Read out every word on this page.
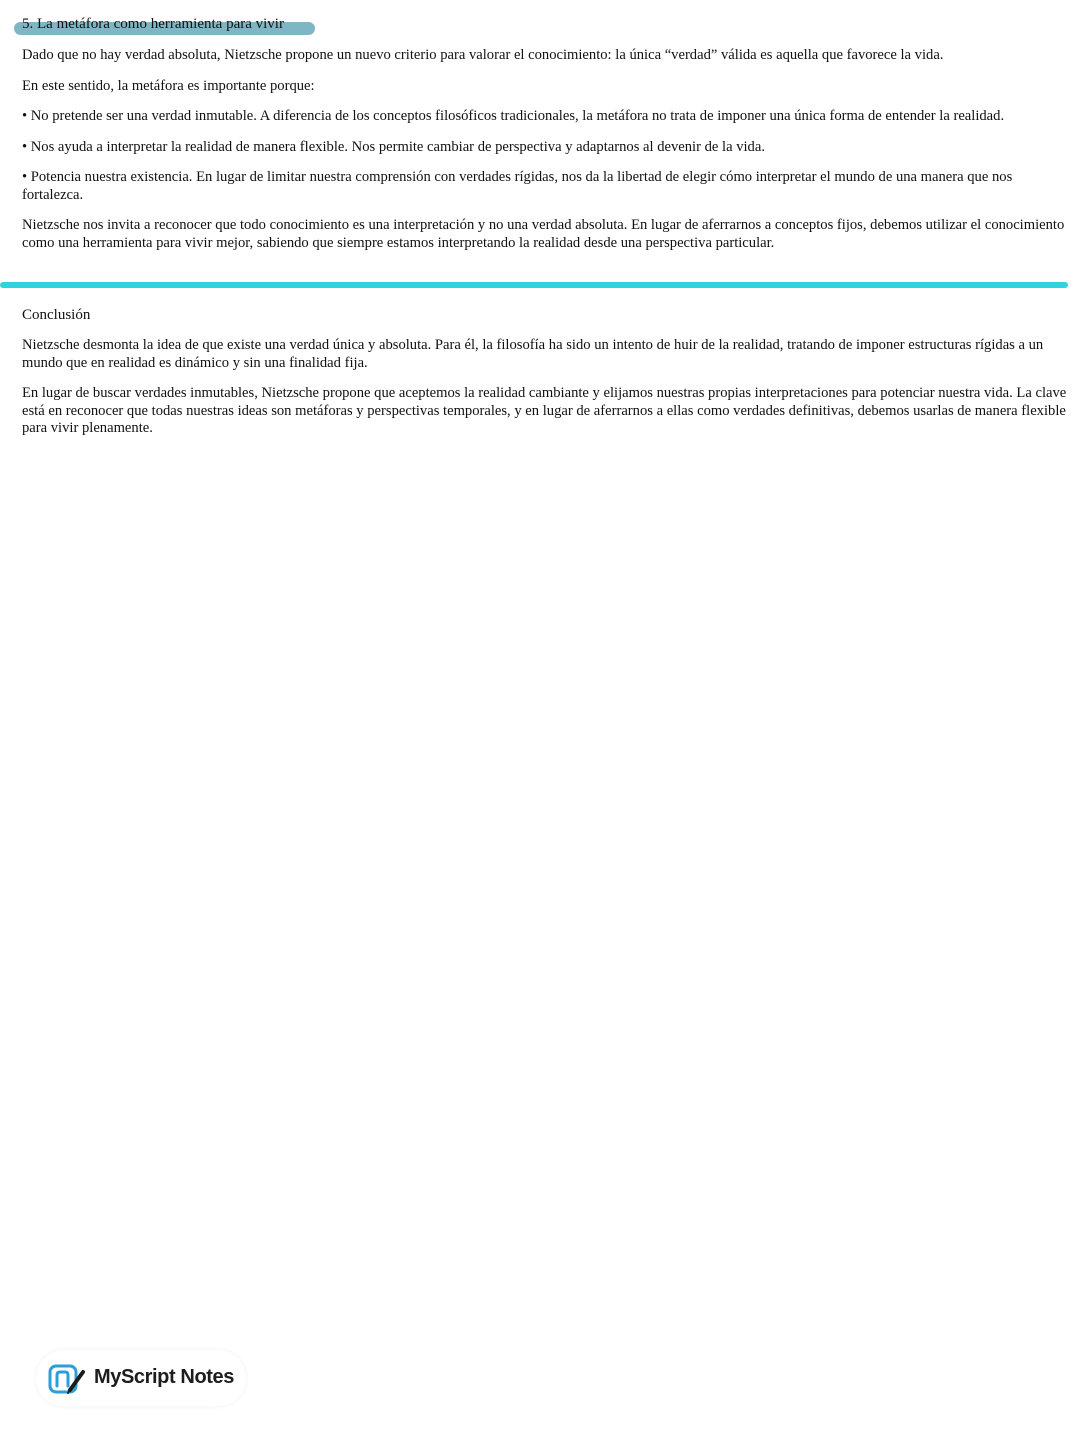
5. La metáfora como herramienta para vivir

Dado que no hay verdad absoluta, Nietzsche propone un nuevo criterio para valorar el conocimiento: la única “verdad” válida es aquella que favorece la vida.

En este sentido, la metáfora es importante porque:

• No pretende ser una verdad inmutable. A diferencia de los conceptos filosóficos tradicionales, la metáfora no trata de imponer una única forma de entender la realidad.

• Nos ayuda a interpretar la realidad de manera flexible. Nos permite cambiar de perspectiva y adaptarnos al devenir de la vida.

• Potencia nuestra existencia. En lugar de limitar nuestra comprensión con verdades rígidas, nos da la libertad de elegir cómo interpretar el mundo de una manera que nos fortalezca.

Nietzsche nos invita a reconocer que todo conocimiento es una interpretación y no una verdad absoluta. En lugar de aferrarnos a conceptos fijos, debemos utilizar el conocimiento como una herramienta para vivir mejor, sabiendo que siempre estamos interpretando la realidad desde una perspectiva particular.

Conclusión

Nietzsche desmonta la idea de que existe una verdad única y absoluta. Para él, la filosofía ha sido un intento de huir de la realidad, tratando de imponer estructuras rígidas a un mundo que en realidad es dinámico y sin una finalidad fija.

En lugar de buscar verdades inmutables, Nietzsche propone que aceptemos la realidad cambiante y elijamos nuestras propias interpretaciones para potenciar nuestra vida. La clave está en reconocer que todas nuestras ideas son metáforas y perspectivas temporales, y en lugar de aferrarnos a ellas como verdades definitivas, debemos usarlas de manera flexible para vivir plenamente.

MyScript Notes
